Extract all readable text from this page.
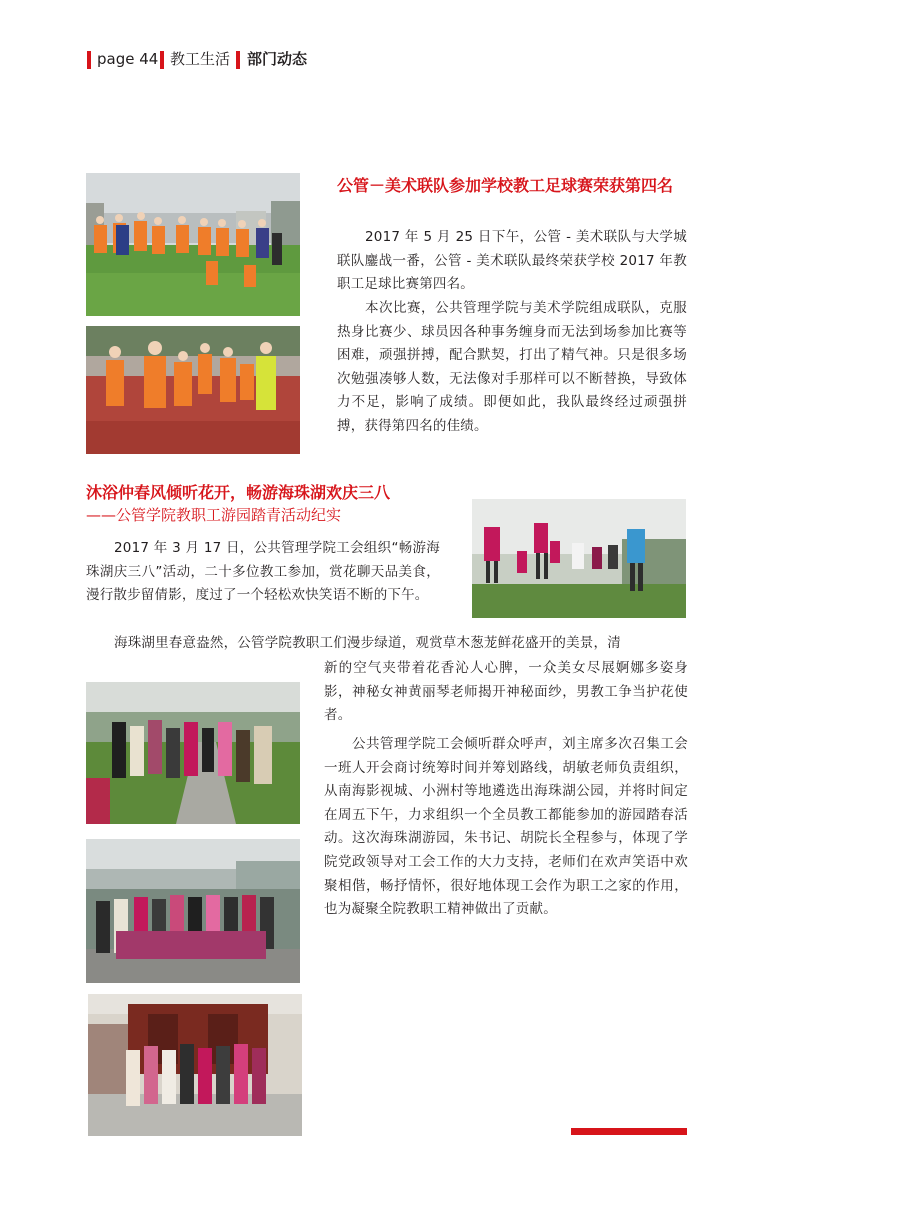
page 44 教工生活 部门动态
公管－美术联队参加学校教工足球赛荣获第四名

2017 年 5 月 25 日下午，公管 - 美术联队与大学城联队鏖战一番，公管 - 美术联队最终荣获学校 2017 年教职工足球比赛第四名。

本次比赛，公共管理学院与美术学院组成联队，克服热身比赛少、球员因各种事务缠身而无法到场参加比赛等困难，顽强拼搏，配合默契，打出了精气神。只是很多场次勉强凑够人数，无法像对手那样可以不断替换，导致体力不足，影响了成绩。即便如此，我队最终经过顽强拼搏，获得第四名的佳绩。

沐浴仲春风倾听花开，畅游海珠湖欢庆三八
——公管学院教职工游园踏青活动纪实

2017 年 3 月 17 日，公共管理学院工会组织“畅游海珠湖庆三八”活动，二十多位教工参加，赏花聊天品美食，漫行散步留倩影，度过了一个轻松欢快笑语不断的下午。

海珠湖里春意盎然，公管学院教职工们漫步绿道，观赏草木葱茏鲜花盛开的美景，清

新的空气夹带着花香沁人心脾，一众美女尽展婀娜多姿身影，神秘女神黄丽琴老师揭开神秘面纱，男教工争当护花使者。

公共管理学院工会倾听群众呼声，刘主席多次召集工会一班人开会商讨统筹时间并筹划路线，胡敏老师负责组织，从南海影视城、小洲村等地遴选出海珠湖公园，并将时间定在周五下午，力求组织一个全员教工都能参加的游园踏春活动。这次海珠湖游园，朱书记、胡院长全程参与，体现了学院党政领导对工会工作的大力支持，老师们在欢声笑语中欢聚相偕，畅抒情怀，很好地体现工会作为职工之家的作用，也为凝聚全院教职工精神做出了贡献。
